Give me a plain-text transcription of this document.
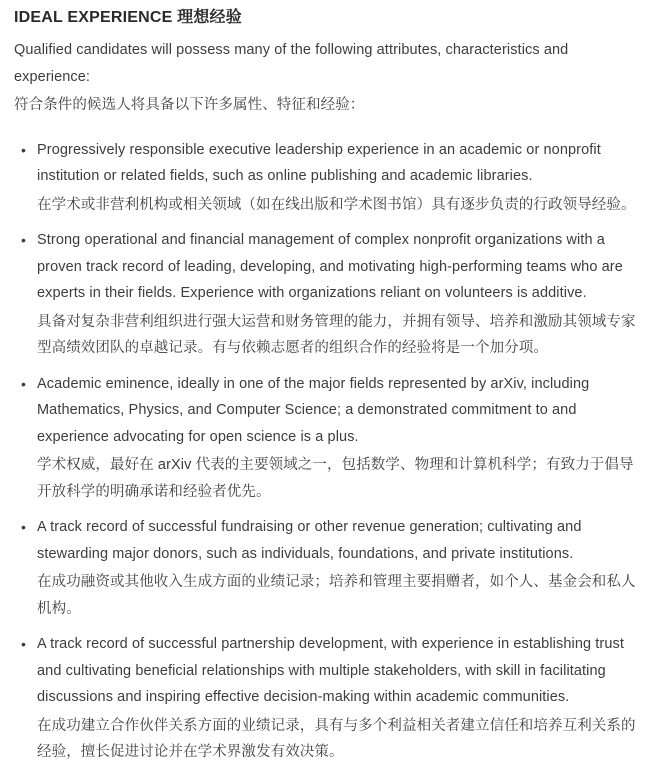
IDEAL EXPERIENCE 理想经验

Qualified candidates will possess many of the following attributes, characteristics and experience:

符合条件的候选人将具备以下许多属性、特征和经验：

• Progressively responsible executive leadership experience in an academic or nonprofit institution or related fields, such as online publishing and academic libraries.

在学术或非营利机构或相关领域（如在线出版和学术图书馆）具有逐步负责的行政领导经验。

• Strong operational and financial management of complex nonprofit organizations with a proven track record of leading, developing, and motivating high-performing teams who are experts in their fields. Experience with organizations reliant on volunteers is additive.

具备对复杂非营利组织进行强大运营和财务管理的能力，并拥有领导、培养和激励其领域专家型高绩效团队的卓越记录。有与依赖志愿者的组织合作的经验将是一个加分项。

• Academic eminence, ideally in one of the major fields represented by arXiv, including Mathematics, Physics, and Computer Science; a demonstrated commitment to and experience advocating for open science is a plus.

学术权威，最好在 arXiv 代表的主要领域之一，包括数学、物理和计算机科学；有致力于倡导开放科学的明确承诺和经验者优先。

• A track record of successful fundraising or other revenue generation; cultivating and stewarding major donors, such as individuals, foundations, and private institutions.

在成功融资或其他收入生成方面的业绩记录；培养和管理主要捐赠者，如个人、基金会和私人机构。

• A track record of successful partnership development, with experience in establishing trust and cultivating beneficial relationships with multiple stakeholders, with skill in facilitating discussions and inspiring effective decision-making within academic communities.

在成功建立合作伙伴关系方面的业绩记录，具有与多个利益相关者建立信任和培养互利关系的经验，擅长促进讨论并在学术界激发有效决策。
